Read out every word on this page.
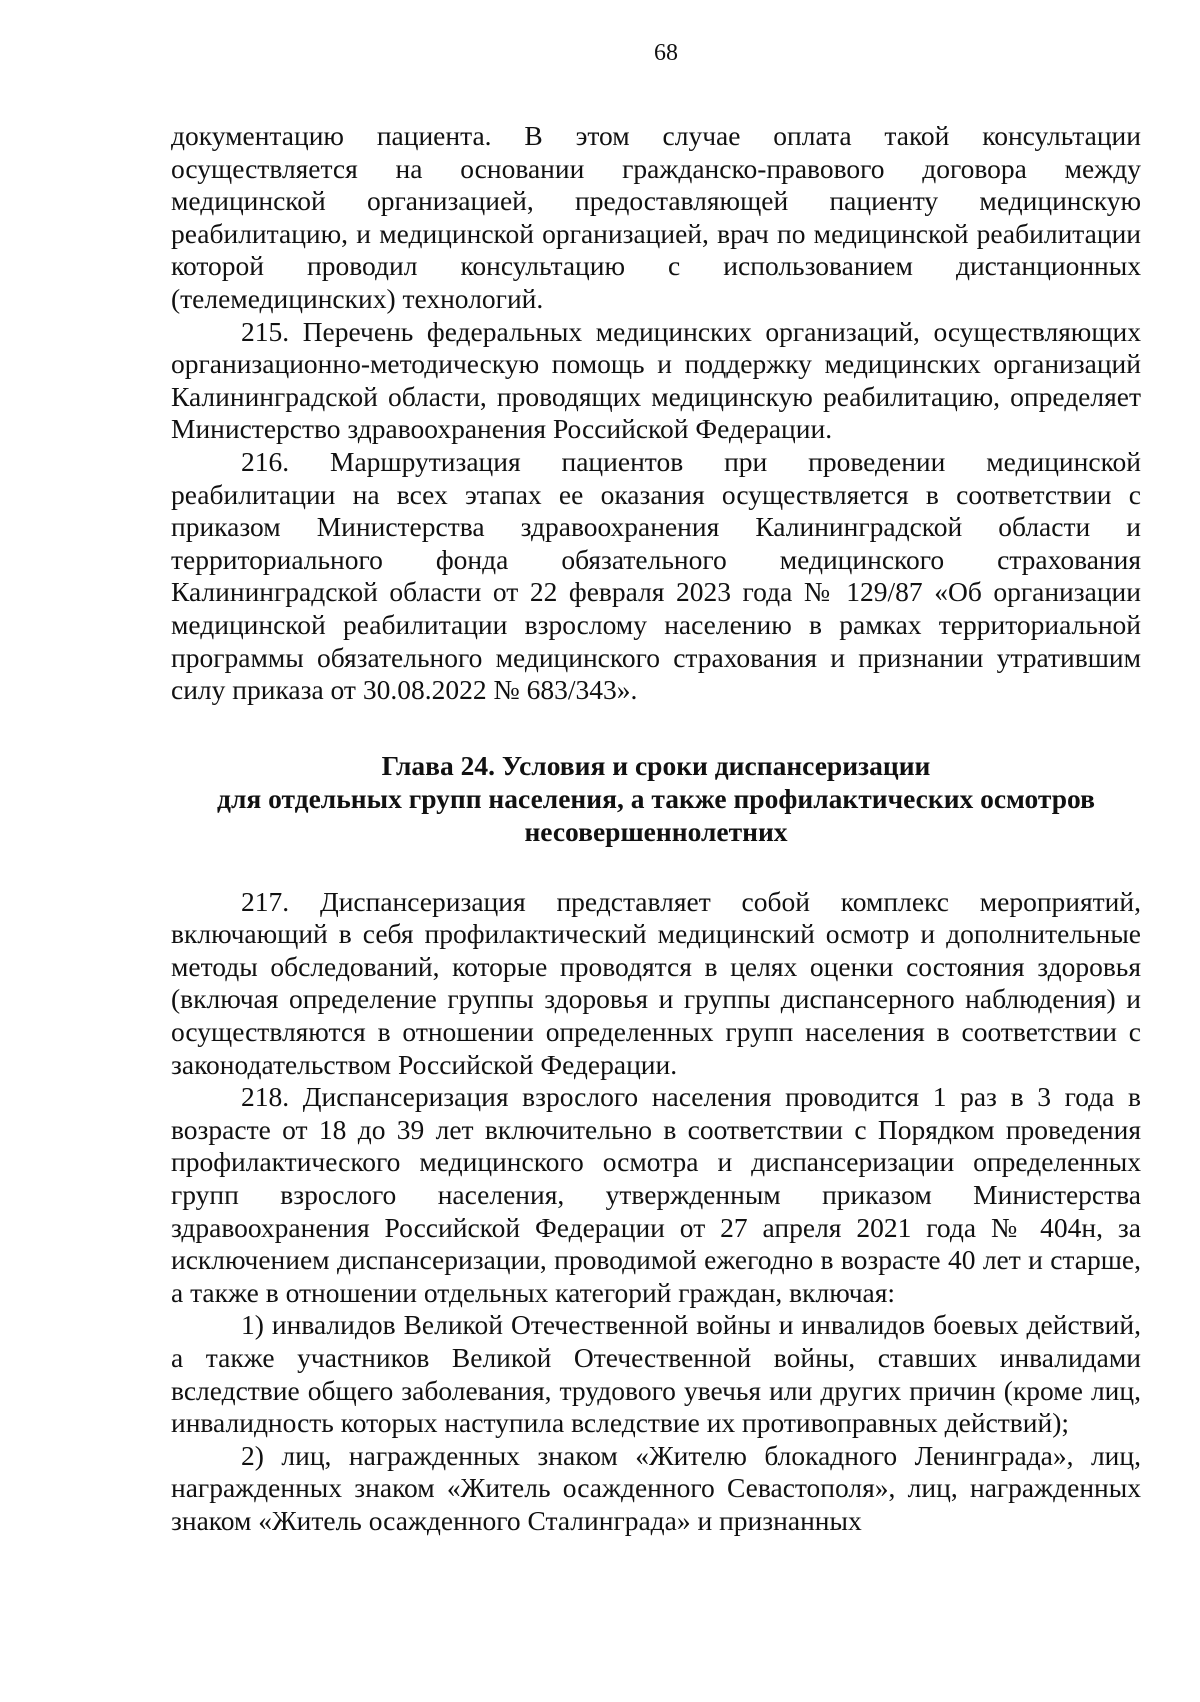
68

документацию пациента. В этом случае оплата такой консультации осуществляется на основании гражданско-правового договора между медицинской организацией, предоставляющей пациенту медицинскую реабилитацию, и медицинской организацией, врач по медицинской реабилитации которой проводил консультацию с использованием дистанционных (телемедицинских) технологий.

215. Перечень федеральных медицинских организаций, осуществляющих организационно-методическую помощь и поддержку медицинских организаций Калининградской области, проводящих медицинскую реабилитацию, определяет Министерство здравоохранения Российской Федерации.

216. Маршрутизация пациентов при проведении медицинской реабилитации на всех этапах ее оказания осуществляется в соответствии с приказом Министерства здравоохранения Калининградской области и территориального фонда обязательного медицинского страхования Калининградской области от 22 февраля 2023 года № 129/87 «Об организации медицинской реабилитации взрослому населению в рамках территориальной программы обязательного медицинского страхования и признании утратившим силу приказа от 30.08.2022 № 683/343».

Глава 24. Условия и сроки диспансеризации
для отдельных групп населения, а также профилактических осмотров
несовершеннолетних

217. Диспансеризация представляет собой комплекс мероприятий, включающий в себя профилактический медицинский осмотр и дополнительные методы обследований, которые проводятся в целях оценки состояния здоровья (включая определение группы здоровья и группы диспансерного наблюдения) и осуществляются в отношении определенных групп населения в соответствии с законодательством Российской Федерации.

218. Диспансеризация взрослого населения проводится 1 раз в 3 года в возрасте от 18 до 39 лет включительно в соответствии с Порядком проведения профилактического медицинского осмотра и диспансеризации определенных групп взрослого населения, утвержденным приказом Министерства здравоохранения Российской Федерации от 27 апреля 2021 года № 404н, за исключением диспансеризации, проводимой ежегодно в возрасте 40 лет и старше, а также в отношении отдельных категорий граждан, включая:

1) инвалидов Великой Отечественной войны и инвалидов боевых действий, а также участников Великой Отечественной войны, ставших инвалидами вследствие общего заболевания, трудового увечья или других причин (кроме лиц, инвалидность которых наступила вследствие их противоправных действий);

2) лиц, награжденных знаком «Жителю блокадного Ленинграда», лиц, награжденных знаком «Житель осажденного Севастополя», лиц, награжденных знаком «Житель осажденного Сталинграда» и признанных
